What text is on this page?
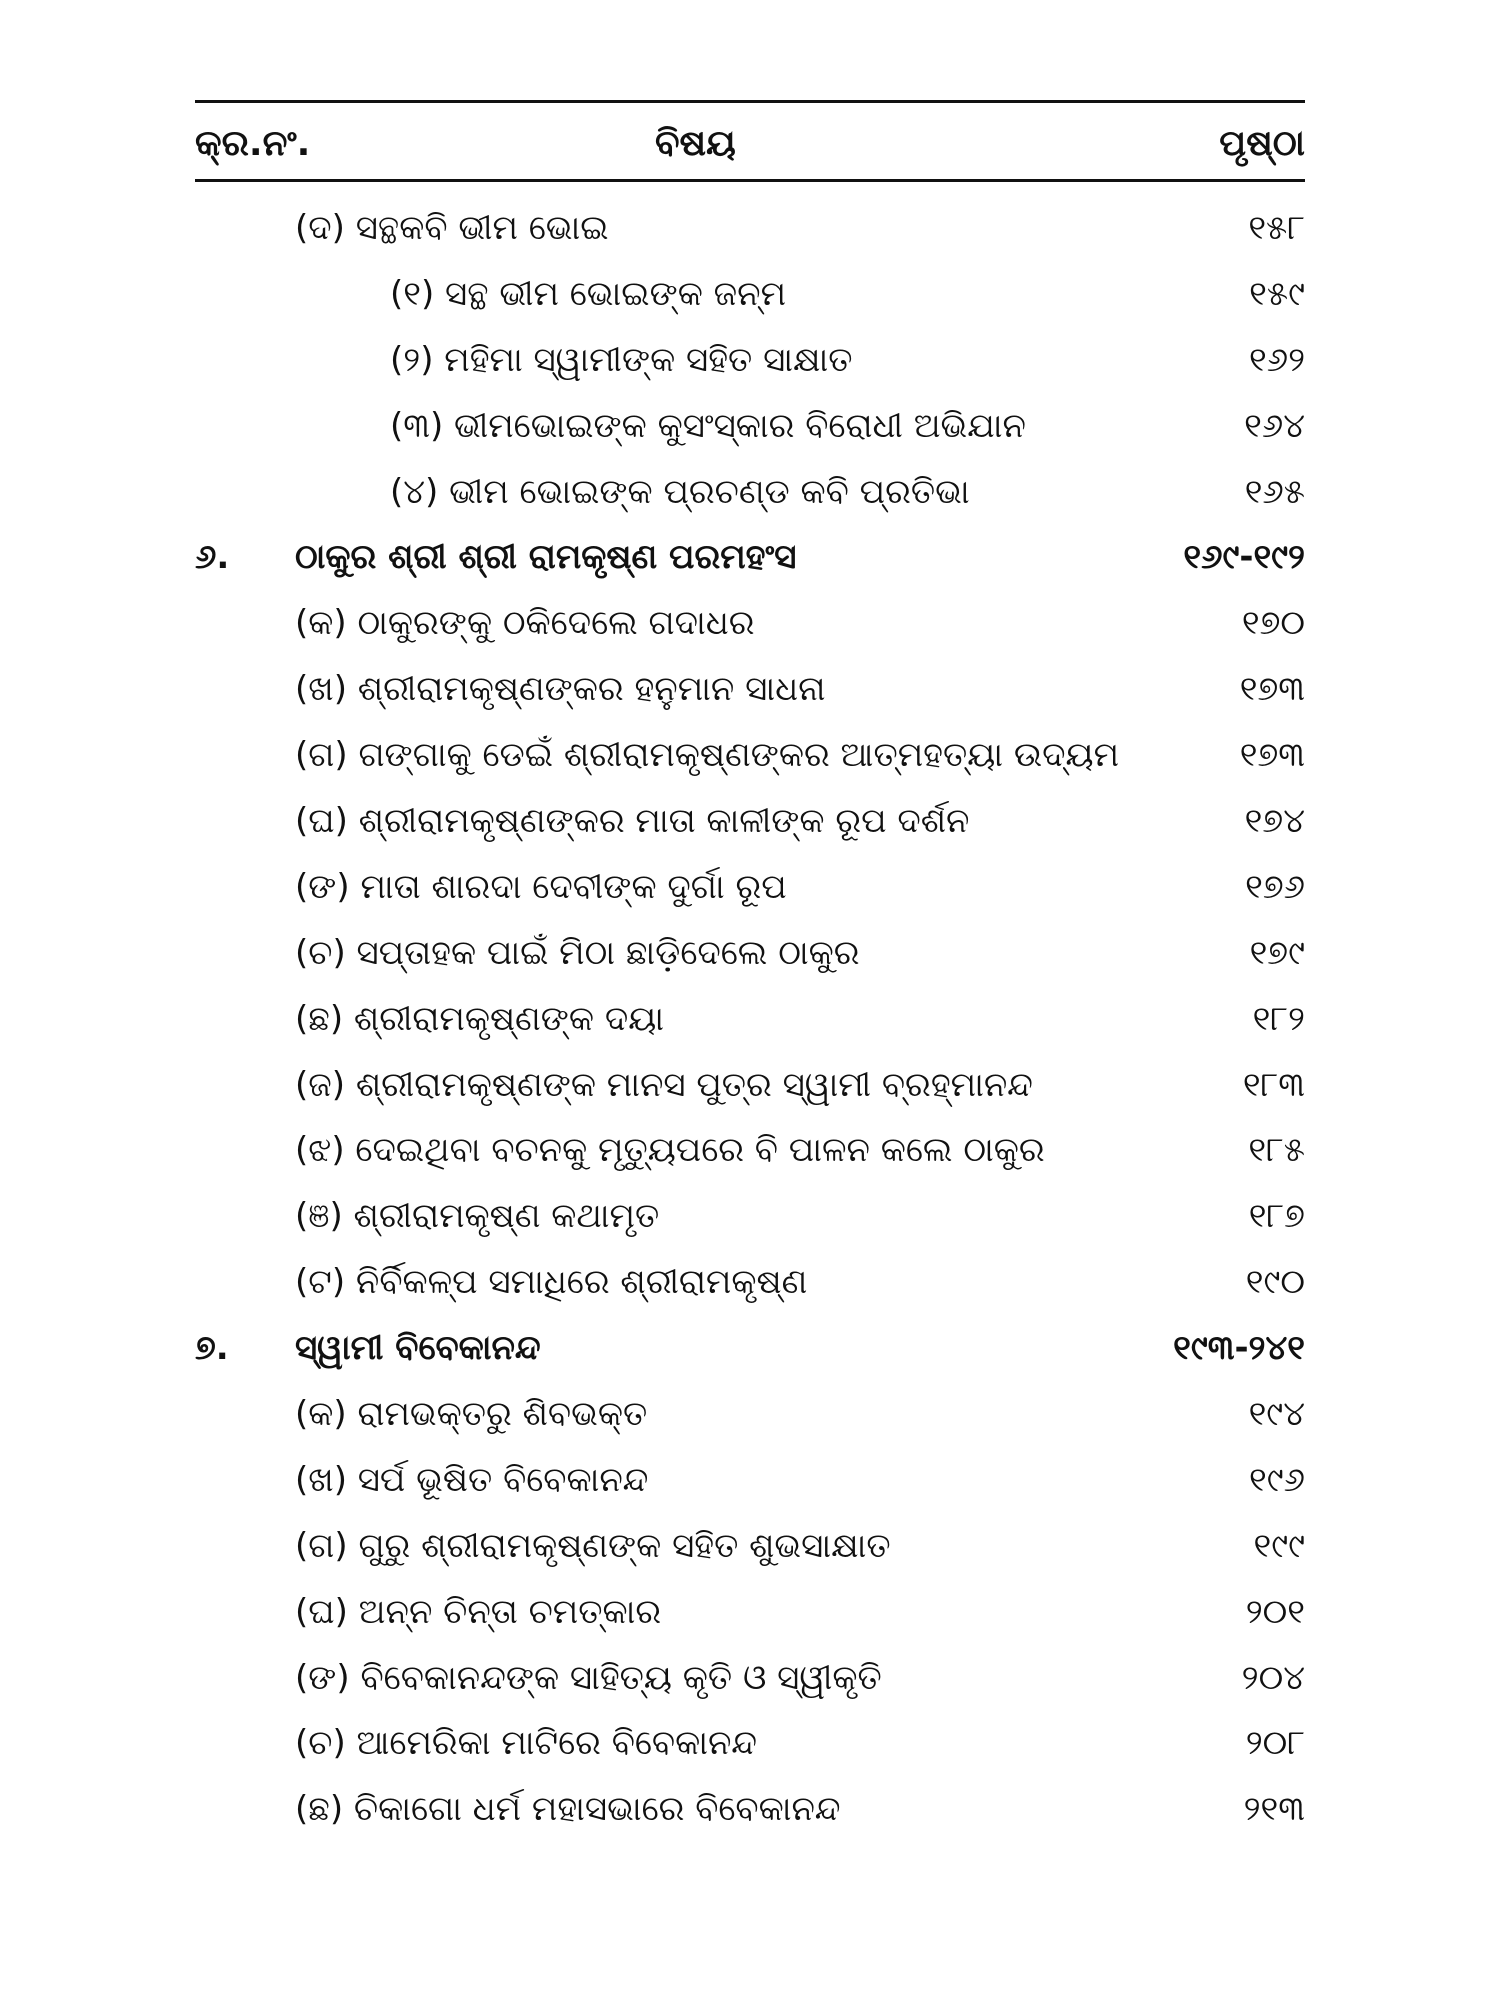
କ୍ର.ନଂ.	ବିଷୟ	ପୃଷ୍ଠା
(ଦ) ସନ୍ଥକବି ଭୀମ ଭୋଇ	୧୫୮
(୧) ସନ୍ଥ ଭୀମ ଭୋଇଙ୍କ ଜନ୍ମ	୧୫୯
(୨) ମହିମା ସ୍ୱାମୀଙ୍କ ସହିତ ସାକ୍ଷାତ	୧୬୨
(୩) ଭୀମଭୋଇଙ୍କ କୁସଂସ୍କାର ବିରୋଧୀ ଅଭିଯାନ	୧୬୪
(୪) ଭୀମ ଭୋଇଙ୍କ ପ୍ରଚଣ୍ଡ କବି ପ୍ରତିଭା	୧୬୫
୬. ଠାକୁର ଶ୍ରୀ ଶ୍ରୀ ରାମକୃଷ୍ଣ ପରମହଂସ	୧୬୯-୧୯୨
(କ) ଠାକୁରଙ୍କୁ ଠକିଦେଲେ ଗଦାଧର	୧୭୦
(ଖ) ଶ୍ରୀରାମକୃଷ୍ଣଙ୍କର ହନୁମାନ ସାଧନା	୧୭୩
(ଗ) ଗଙ୍ଗାକୁ ଡେଇଁ ଶ୍ରୀରାମକୃଷ୍ଣଙ୍କର ଆତ୍ମହତ୍ୟା ଉଦ୍ୟମ	୧୭୩
(ଘ) ଶ୍ରୀରାମକୃଷ୍ଣଙ୍କର ମାତା କାଳୀଙ୍କ ରୂପ ଦର୍ଶନ	୧୭୪
(ଙ) ମାତା ଶାରଦା ଦେବୀଙ୍କ ଦୁର୍ଗା ରୂପ	୧୭୬
(ଚ) ସପ୍ତାହକ ପାଇଁ ମିଠା ଛାଡ଼ିଦେଲେ ଠାକୁର	୧୭୯
(ଛ) ଶ୍ରୀରାମକୃଷ୍ଣଙ୍କ ଦୟା	୧୮୨
(ଜ) ଶ୍ରୀରାମକୃଷ୍ଣଙ୍କ ମାନସ ପୁତ୍ର ସ୍ୱାମୀ ବ୍ରହ୍ମାନନ୍ଦ	୧୮୩
(ଝ) ଦେଇଥିବା ବଚନକୁ ମୃତ୍ୟୁପରେ ବି ପାଳନ କଲେ ଠାକୁର	୧୮୫
(ଞ) ଶ୍ରୀରାମକୃଷ୍ଣ କଥାମୃତ	୧୮୭
(ଟ) ନିର୍ବିକଳ୍ପ ସମାଧିରେ ଶ୍ରୀରାମକୃଷ୍ଣ	୧୯୦
୭. ସ୍ୱାମୀ ବିବେକାନନ୍ଦ	୧୯୩-୨୪୧
(କ) ରାମଭକ୍ତରୁ ଶିବଭକ୍ତ	୧୯୪
(ଖ) ସର୍ପ ଭୂଷିତ ବିବେକାନନ୍ଦ	୧୯୬
(ଗ) ଗୁରୁ ଶ୍ରୀରାମକୃଷ୍ଣଙ୍କ ସହିତ ଶୁଭସାକ୍ଷାତ	୧୯୯
(ଘ) ଅନ୍ନ ଚିନ୍ତା ଚମତ୍କାର	୨୦୧
(ଙ) ବିବେକାନନ୍ଦଙ୍କ ସାହିତ୍ୟ କୃତି ଓ ସ୍ୱୀକୃତି	୨୦୪
(ଚ) ଆମେରିକା ମାଟିରେ ବିବେକାନନ୍ଦ	୨୦୮
(ଛ) ଚିକାଗୋ ଧର୍ମ ମହାସଭାରେ ବିବେକାନନ୍ଦ	୨୧୩
